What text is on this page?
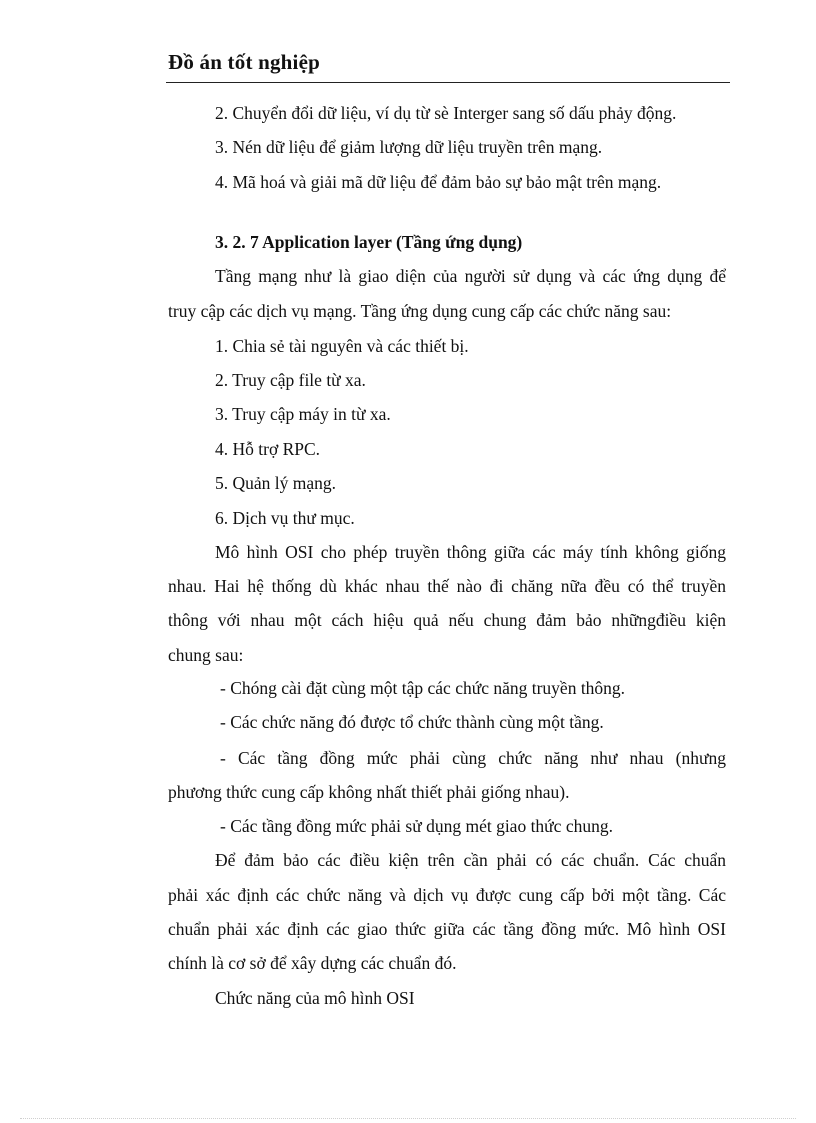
Đồ án tốt nghiệp
2. Chuyển đổi dữ liệu, ví dụ từ sè Interger sang số dấu phảy động.
3. Nén dữ liệu để giảm lượng dữ liệu truyền trên mạng.
4. Mã hoá và giải mã dữ liệu để đảm bảo sự bảo mật trên mạng.
3. 2. 7 Application layer (Tầng ứng dụng)
Tầng mạng như là giao diện của người sử dụng và các ứng dụng để
truy cập các dịch vụ mạng. Tầng ứng dụng cung cấp các chức năng sau:
1. Chia sẻ tài nguyên và các thiết bị.
2. Truy cập file từ xa.
3. Truy cập máy in từ xa.
4. Hỗ trợ RPC.
5. Quản lý mạng.
6. Dịch vụ thư mục.
Mô hình OSI cho phép truyền thông giữa các máy tính không giống
nhau. Hai hệ thống dù khác nhau thế nào đi chăng nữa đều có thể truyền
thông với nhau một cách hiệu quả nếu chung đảm bảo nhữngđiều kiện
chung sau:
- Chóng cài đặt cùng một tập các chức năng truyền thông.
- Các chức năng đó được tổ chức thành cùng một tầng.
- Các tầng đồng mức phải cùng chức năng như nhau (nhưng
phương thức cung cấp không nhất thiết phải giống nhau).
- Các tầng đồng mức phải sử dụng mét giao thức chung.
Để đảm bảo các điều kiện trên cần phải có các chuẩn. Các chuẩn
phải xác định các chức năng và dịch vụ được cung cấp bởi một tầng. Các
chuẩn phải xác định các giao thức giữa các tầng đồng mức. Mô hình OSI
chính là cơ sở để xây dựng các chuẩn đó.
Chức năng của mô hình OSI
